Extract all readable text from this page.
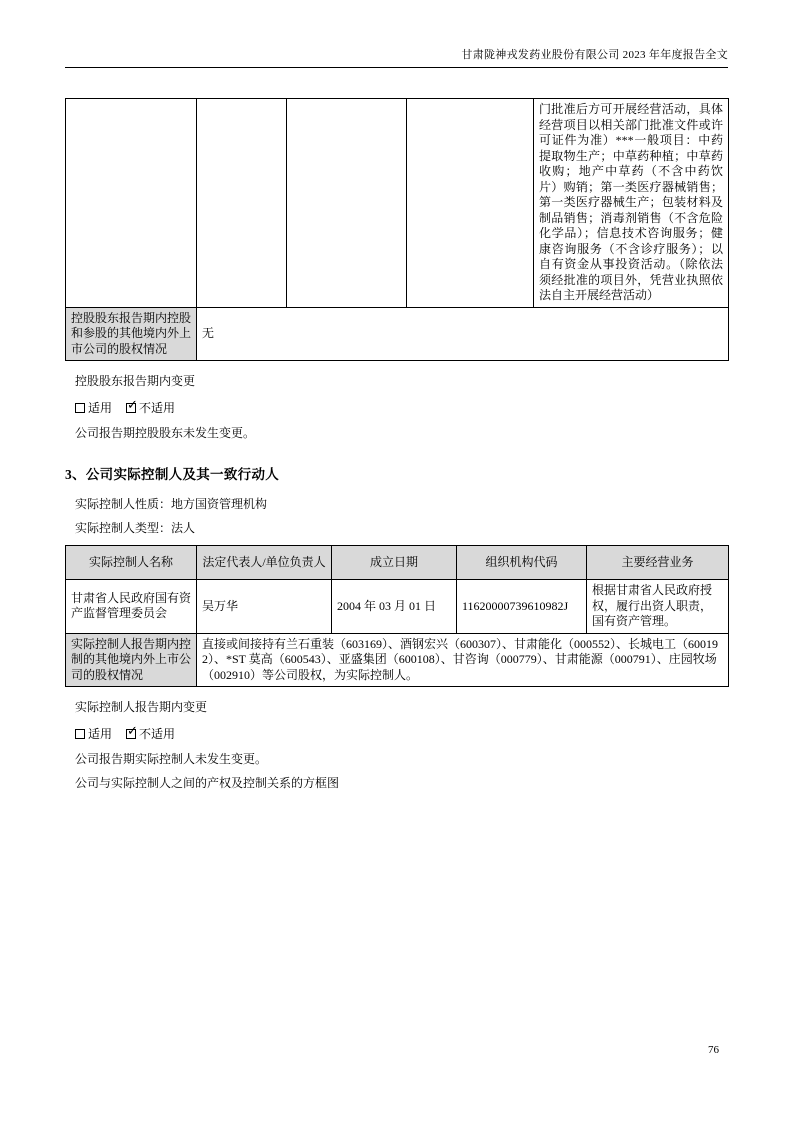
甘肃陇神戎发药业股份有限公司 2023 年年度报告全文
				门批准后方可开展经营活动，具体经营项目以相关部门批准文件或许可证件为准）***一般项目：中药提取物生产；中草药种植；中草药收购；地产中草药（不含中药饮片）购销；第一类医疗器械销售；第一类医疗器械生产；包装材料及制品销售；消毒剂销售（不含危险化学品）；信息技术咨询服务；健康咨询服务（不含诊疗服务）；以自有资金从事投资活动。（除依法须经批准的项目外，凭营业执照依法自主开展经营活动）
控股股东报告期内控股和参股的其他境内外上市公司的股权情况	无			

控股股东报告期内变更

适用 ✓ 不适用

公司报告期控股股东未发生变更。

3、公司实际控制人及其一致行动人

实际控制人性质：地方国资管理机构

实际控制人类型：法人

实际控制人名称	法定代表人/单位负责人	成立日期	组织机构代码	主要经营业务
甘肃省人民政府国有资产监督管理委员会	吴万华	2004 年 03 月 01 日	11620000739610982J	根据甘肃省人民政府授权，履行出资人职责，国有资产管理。
实际控制人报告期内控制的其他境内外上市公司的股权情况	直接或间接持有兰石重装（603169）、酒钢宏兴（600307）、甘肃能化（000552）、长城电工（600192）、*ST 莫高（600543）、亚盛集团（600108）、甘咨询（000779）、甘肃能源（000791）、庄园牧场（002910）等公司股权，为实际控制人。			

实际控制人报告期内变更

适用 ✓ 不适用

公司报告期实际控制人未发生变更。

公司与实际控制人之间的产权及控制关系的方框图

76
